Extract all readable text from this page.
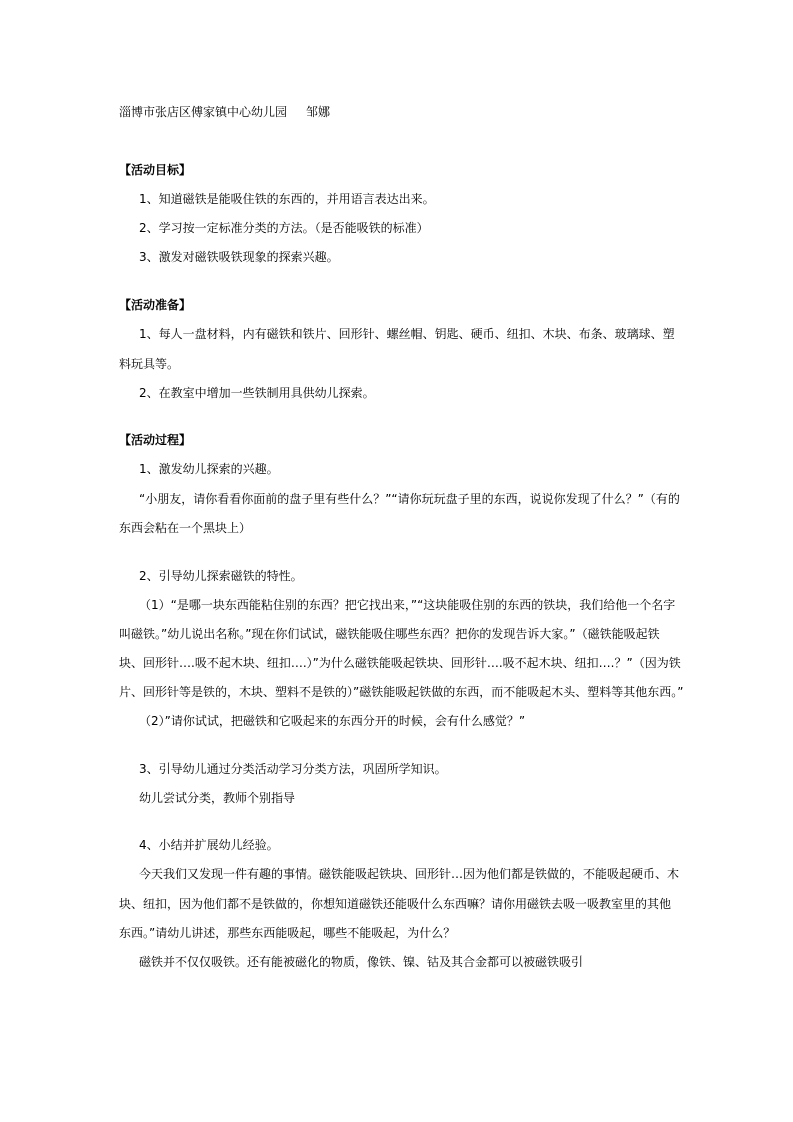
淄博市张店区傅家镇中心幼儿园 邹娜
【活动目标】
1、知道磁铁是能吸住铁的东西的，并用语言表达出来。
2、学习按一定标准分类的方法。（是否能吸铁的标准）
3、激发对磁铁吸铁现象的探索兴趣。
【活动准备】
1、每人一盘材料，内有磁铁和铁片、回形针、螺丝帽、钥匙、硬币、纽扣、木块、布条、玻璃球、塑
料玩具等。
2、在教室中增加一些铁制用具供幼儿探索。
【活动过程】
1、激发幼儿探索的兴趣。
“小朋友，请你看看你面前的盘子里有些什么？”“请你玩玩盘子里的东西，说说你发现了什么？”（有的
东西会粘在一个黑块上）
2、引导幼儿探索磁铁的特性。
（1）“是哪一块东西能粘住别的东西？把它找出来，”“这块能吸住别的东西的铁块，我们给他一个名字
叫磁铁。”幼儿说出名称。”现在你们试试，磁铁能吸住哪些东西？把你的发现告诉大家。”（磁铁能吸起铁
块、回形针….吸不起木块、纽扣….）”为什么磁铁能吸起铁块、回形针….吸不起木块、纽扣….？”（因为铁
片、回形针等是铁的，木块、塑料不是铁的）”磁铁能吸起铁做的东西，而不能吸起木头、塑料等其他东西。”
（2）”请你试试，把磁铁和它吸起来的东西分开的时候，会有什么感觉？”
3、引导幼儿通过分类活动学习分类方法，巩固所学知识。
幼儿尝试分类，教师个别指导
4、小结并扩展幼儿经验。
今天我们又发现一件有趣的事情。磁铁能吸起铁块、回形针…因为他们都是铁做的，不能吸起硬币、木
块、纽扣，因为他们都不是铁做的，你想知道磁铁还能吸什么东西嘛？请你用磁铁去吸一吸教室里的其他
东西。”请幼儿讲述，那些东西能吸起，哪些不能吸起，为什么？
磁铁并不仅仅吸铁。还有能被磁化的物质，像铁、镍、钴及其合金都可以被磁铁吸引
